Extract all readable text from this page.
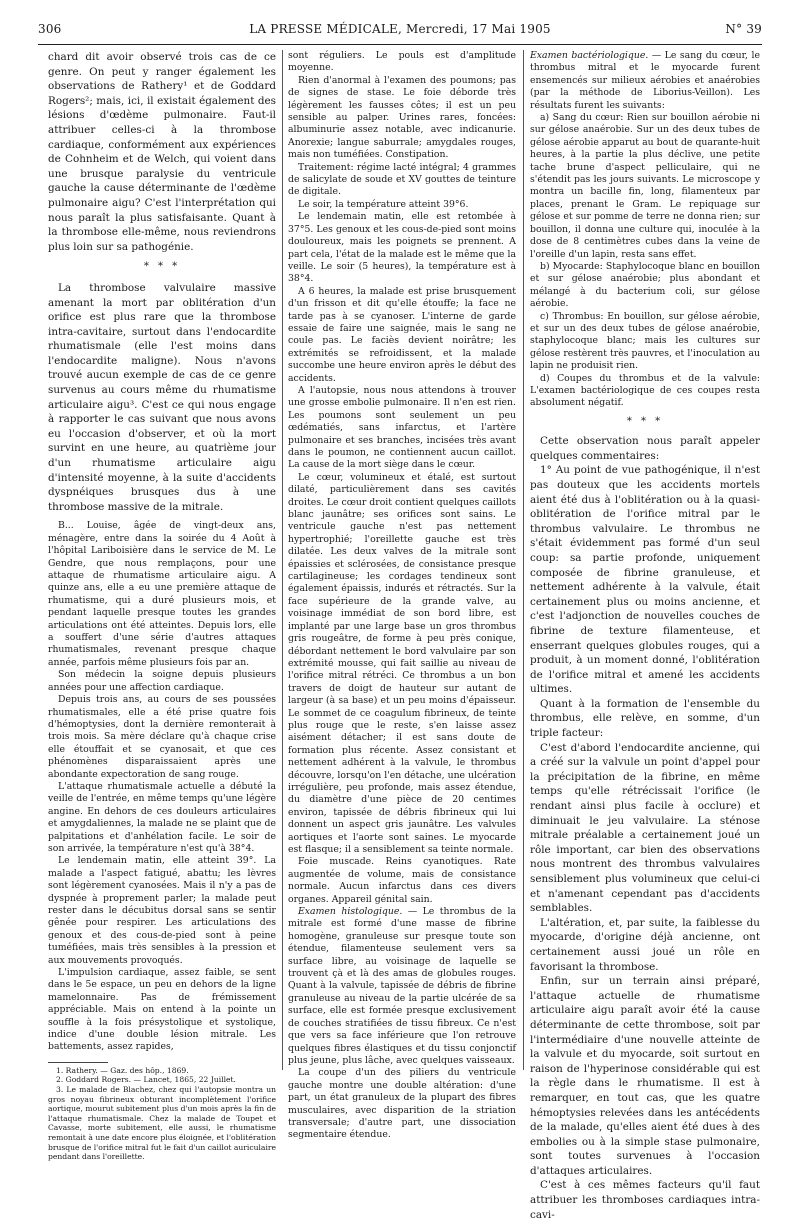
306	LA PRESSE MÉDICALE, Mercredi, 17 Mai 1905	N° 39

chard dit avoir observé trois cas de ce genre. On peut y ranger également les observations de Rathery¹ et de Goddard Rogers²; mais, ici, il existait également des lésions d'œdème pulmonaire. Faut-il attribuer celles-ci à la thrombose cardiaque, conformément aux expériences de Cohnheim et de Welch, qui voient dans une brusque paralysie du ventricule gauche la cause déterminante de l'œdème pulmonaire aigu? C'est l'interprétation qui nous paraît la plus satisfaisante. Quant à la thrombose elle-même, nous reviendrons plus loin sur sa pathogénie.

* * *

La thrombose valvulaire massive amenant la mort par oblitération d'un orifice est plus rare que la thrombose intra-cavitaire, surtout dans l'endocardite rhumatismale (elle l'est moins dans l'endocardite maligne). Nous n'avons trouvé aucun exemple de cas de ce genre survenus au cours même du rhumatisme articulaire aigu³. C'est ce qui nous engage à rapporter le cas suivant que nous avons eu l'occasion d'observer, et où la mort survint en une heure, au quatrième jour d'un rhumatisme articulaire aigu d'intensité moyenne, à la suite d'accidents dyspnéiques brusques dus à une thrombose massive de la mitrale.

B... Louise, âgée de vingt-deux ans, ménagère, entre dans la soirée du 4 Août à l'hôpital Lariboisière dans le service de M. Le Gendre, que nous remplaçons, pour une attaque de rhumatisme articulaire aigu. A quinze ans, elle a eu une première attaque de rhumatisme, qui a duré plusieurs mois, et pendant laquelle presque toutes les grandes articulations ont été atteintes. Depuis lors, elle a souffert d'une série d'autres attaques rhumatismales, revenant presque chaque année, parfois même plusieurs fois par an.

Son médecin la soigne depuis plusieurs années pour une affection cardiaque.

Depuis trois ans, au cours de ses poussées rhumatismales, elle a été prise quatre fois d'hémoptysies, dont la dernière remonterait à trois mois. Sa mère déclare qu'à chaque crise elle étouffait et se cyanosait, et que ces phénomènes disparaissaient après une abondante expectoration de sang rouge.

L'attaque rhumatismale actuelle a débuté la veille de l'entrée, en même temps qu'une légère angine. En dehors de ces douleurs articulaires et amygdaliennes, la malade ne se plaint que de palpitations et d'anhélation facile. Le soir de son arrivée, la température n'est qu'à 38°4.

Le lendemain matin, elle atteint 39°. La malade a l'aspect fatigué, abattu; les lèvres sont légèrement cyanosées. Mais il n'y a pas de dyspnée à proprement parler; la malade peut rester dans le décubitus dorsal sans se sentir gênée pour respirer. Les articulations des genoux et des cous-de-pied sont à peine tuméfiées, mais très sensibles à la pression et aux mouvements provoqués.

L'impulsion cardiaque, assez faible, se sent dans le 5e espace, un peu en dehors de la ligne mamelonnaire. Pas de frémissement appréciable. Mais on entend à la pointe un souffle à la fois présystolique et systolique, indice d'une double lésion mitrale. Les battements, assez rapides,

1. Rathery. — Gaz. des hôp., 1869.

2. Goddard Rogers. — Lancet, 1865, 22 Juillet.

3. Le malade de Blachez, chez qui l'autopsie montra un gros noyau fibrineux obturant incomplètement l'orifice aortique, mourut subitement plus d'un mois après la fin de l'attaque rhumatismale. Chez la malade de Toupet et Cavasse, morte subitement, elle aussi, le rhumatisme remontait à une date encore plus éloignée, et l'oblitération brusque de l'orifice mitral fut le fait d'un caillot auriculaire pendant dans l'oreillette.

sont réguliers. Le pouls est d'amplitude moyenne.

Rien d'anormal à l'examen des poumons; pas de signes de stase. Le foie déborde très légèrement les fausses côtes; il est un peu sensible au palper. Urines rares, foncées: albuminurie assez notable, avec indicanurie. Anorexie; langue saburrale; amygdales rouges, mais non tuméfiées. Constipation.

Traitement: régime lacté intégral; 4 grammes de salicylate de soude et XV gouttes de teinture de digitale.

Le soir, la température atteint 39°6.

Le lendemain matin, elle est retombée à 37°5. Les genoux et les cous-de-pied sont moins douloureux, mais les poignets se prennent. A part cela, l'état de la malade est le même que la veille. Le soir (5 heures), la température est à 38°4.

A 6 heures, la malade est prise brusquement d'un frisson et dit qu'elle étouffe; la face ne tarde pas à se cyanoser. L'interne de garde essaie de faire une saignée, mais le sang ne coule pas. Le faciès devient noirâtre; les extrémités se refroidissent, et la malade succombe une heure environ après le début des accidents.

A l'autopsie, nous nous attendons à trouver une grosse embolie pulmonaire. Il n'en est rien. Les poumons sont seulement un peu œdématiés, sans infarctus, et l'artère pulmonaire et ses branches, incisées très avant dans le poumon, ne contiennent aucun caillot. La cause de la mort siège dans le cœur.

Le cœur, volumineux et étalé, est surtout dilaté, particulièrement dans ses cavités droites. Le cœur droit contient quelques caillots blanc jaunâtre; ses orifices sont sains. Le ventricule gauche n'est pas nettement hypertrophié; l'oreillette gauche est très dilatée. Les deux valves de la mitrale sont épaissies et sclérosées, de consistance presque cartilagineuse; les cordages tendineux sont également épaissis, indurés et rétractés. Sur la face supérieure de la grande valve, au voisinage immédiat de son bord libre, est implanté par une large base un gros thrombus gris rougeâtre, de forme à peu près conique, débordant nettement le bord valvulaire par son extrémité mousse, qui fait saillie au niveau de l'orifice mitral rétréci. Ce thrombus a un bon travers de doigt de hauteur sur autant de largeur (à sa base) et un peu moins d'épaisseur. Le sommet de ce coagulum fibrineux, de teinte plus rouge que le reste, s'en laisse assez aisément détacher; il est sans doute de formation plus récente. Assez consistant et nettement adhérent à la valvule, le thrombus découvre, lorsqu'on l'en détache, une ulcération irrégulière, peu profonde, mais assez étendue, du diamètre d'une pièce de 20 centimes environ, tapissée de débris fibrineux qui lui donnent un aspect gris jaunâtre. Les valvules aortiques et l'aorte sont saines. Le myocarde est flasque; il a sensiblement sa teinte normale.

Foie muscade. Reins cyanotiques. Rate augmentée de volume, mais de consistance normale. Aucun infarctus dans ces divers organes. Appareil génital sain.

Examen histologique. — Le thrombus de la mitrale est formé d'une masse de fibrine homogène, granuleuse sur presque toute son étendue, filamenteuse seulement vers sa surface libre, au voisinage de laquelle se trouvent çà et là des amas de globules rouges. Quant à la valvule, tapissée de débris de fibrine granuleuse au niveau de la partie ulcérée de sa surface, elle est formée presque exclusivement de couches stratifiées de tissu fibreux. Ce n'est que vers sa face inférieure que l'on retrouve quelques fibres élastiques et du tissu conjonctif plus jeune, plus lâche, avec quelques vaisseaux.

La coupe d'un des piliers du ventricule gauche montre une double altération: d'une part, un état granuleux de la plupart des fibres musculaires, avec disparition de la striation transversale; d'autre part, une dissociation segmentaire étendue.

Examen bactériologique. — Le sang du cœur, le thrombus mitral et le myocarde furent ensemencés sur milieux aérobies et anaérobies (par la méthode de Liborius-Veillon). Les résultats furent les suivants:

a) Sang du cœur: Rien sur bouillon aérobie ni sur gélose anaérobie. Sur un des deux tubes de gélose aérobie apparut au bout de quarante-huit heures, à la partie la plus déclive, une petite tache brune d'aspect pelliculaire, qui ne s'étendit pas les jours suivants. Le microscope y montra un bacille fin, long, filamenteux par places, prenant le Gram. Le repiquage sur gélose et sur pomme de terre ne donna rien; sur bouillon, il donna une culture qui, inoculée à la dose de 8 centimètres cubes dans la veine de l'oreille d'un lapin, resta sans effet.

b) Myocarde: Staphylocoque blanc en bouillon et sur gélose anaérobie; plus abondant et mélangé à du bacterium coli, sur gélose aérobie.

c) Thrombus: En bouillon, sur gélose aérobie, et sur un des deux tubes de gélose anaérobie, staphylocoque blanc; mais les cultures sur gélose restèrent très pauvres, et l'inoculation au lapin ne produisit rien.

d) Coupes du thrombus et de la valvule: L'examen bactériologique de ces coupes resta absolument négatif.

* * *

Cette observation nous paraît appeler quelques commentaires:

1° Au point de vue pathogénique, il n'est pas douteux que les accidents mortels aient été dus à l'oblitération ou à la quasi-oblitération de l'orifice mitral par le thrombus valvulaire. Le thrombus ne s'était évidemment pas formé d'un seul coup: sa partie profonde, uniquement composée de fibrine granuleuse, et nettement adhérente à la valvule, était certainement plus ou moins ancienne, et c'est l'adjonction de nouvelles couches de fibrine de texture filamenteuse, et enserrant quelques globules rouges, qui a produit, à un moment donné, l'oblitération de l'orifice mitral et amené les accidents ultimes.

Quant à la formation de l'ensemble du thrombus, elle relève, en somme, d'un triple facteur:

C'est d'abord l'endocardite ancienne, qui a créé sur la valvule un point d'appel pour la précipitation de la fibrine, en même temps qu'elle rétrécissait l'orifice (le rendant ainsi plus facile à occlure) et diminuait le jeu valvulaire. La sténose mitrale préalable a certainement joué un rôle important, car bien des observations nous montrent des thrombus valvulaires sensiblement plus volumineux que celui-ci et n'amenant cependant pas d'accidents semblables.

L'altération, et, par suite, la faiblesse du myocarde, d'origine déjà ancienne, ont certainement aussi joué un rôle en favorisant la thrombose.

Enfin, sur un terrain ainsi préparé, l'attaque actuelle de rhumatisme articulaire aigu paraît avoir été la cause déterminante de cette thrombose, soit par l'intermédiaire d'une nouvelle atteinte de la valvule et du myocarde, soit surtout en raison de l'hyperinose considérable qui est la règle dans le rhumatisme. Il est à remarquer, en tout cas, que les quatre hémoptysies relevées dans les antécédents de la malade, qu'elles aient été dues à des embolies ou à la simple stase pulmonaire, sont toutes survenues à l'occasion d'attaques articulaires.

C'est à ces mêmes facteurs qu'il faut attribuer les thromboses cardiaques intra-cavi-
